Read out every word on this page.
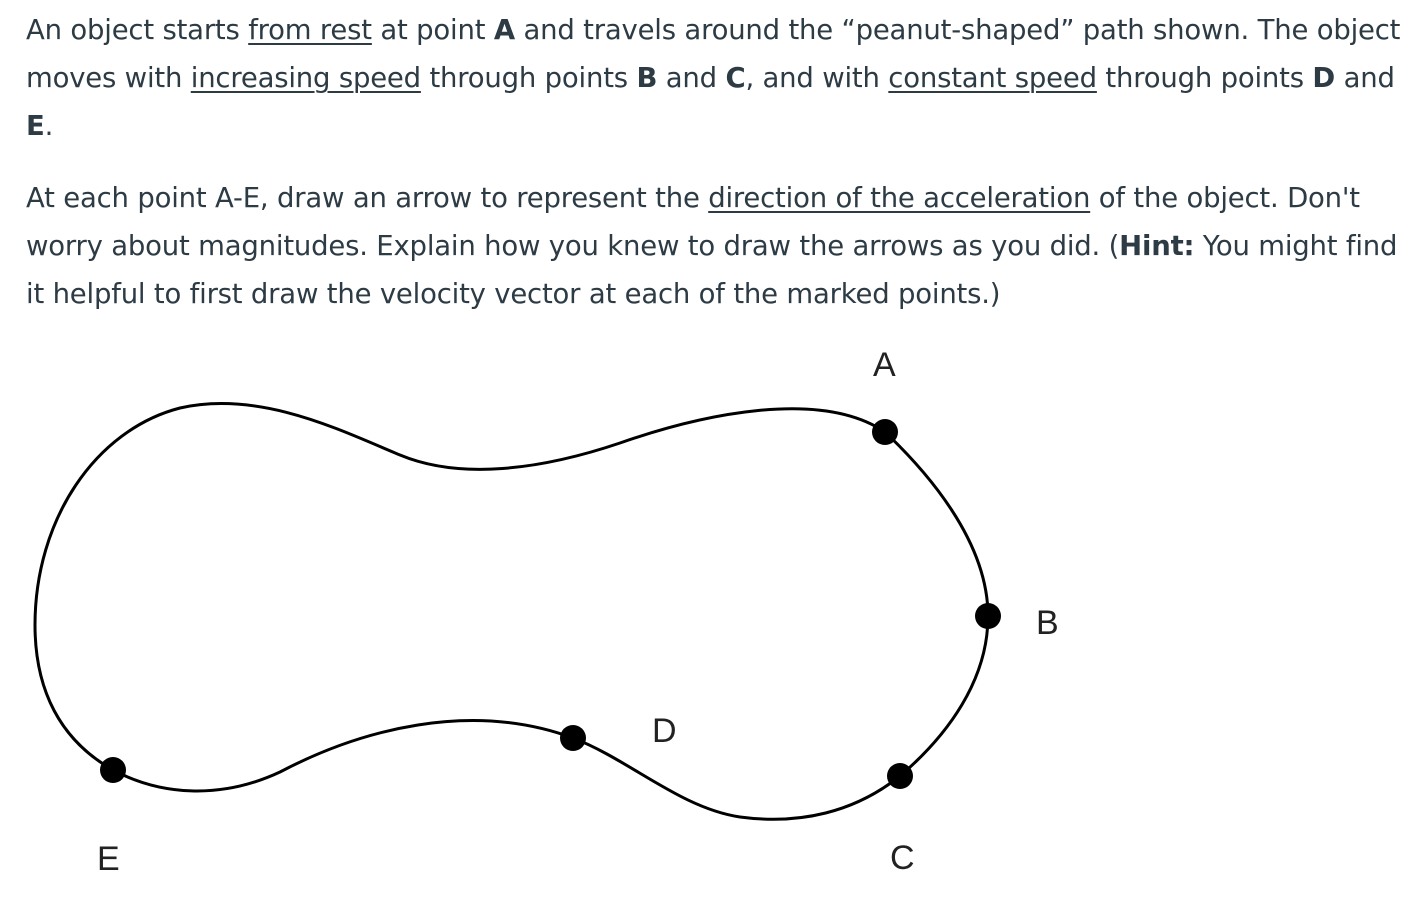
An object starts from rest at point A and travels around the “peanut-shaped” path shown. The object moves with increasing speed through points B and C, and with constant speed through points D and E.

At each point A-E, draw an arrow to represent the direction of the acceleration of the object. Don't worry about magnitudes. Explain how you knew to draw the arrows as you did. (Hint: You might find it helpful to first draw the velocity vector at each of the marked points.)

A
B
C
D
E
